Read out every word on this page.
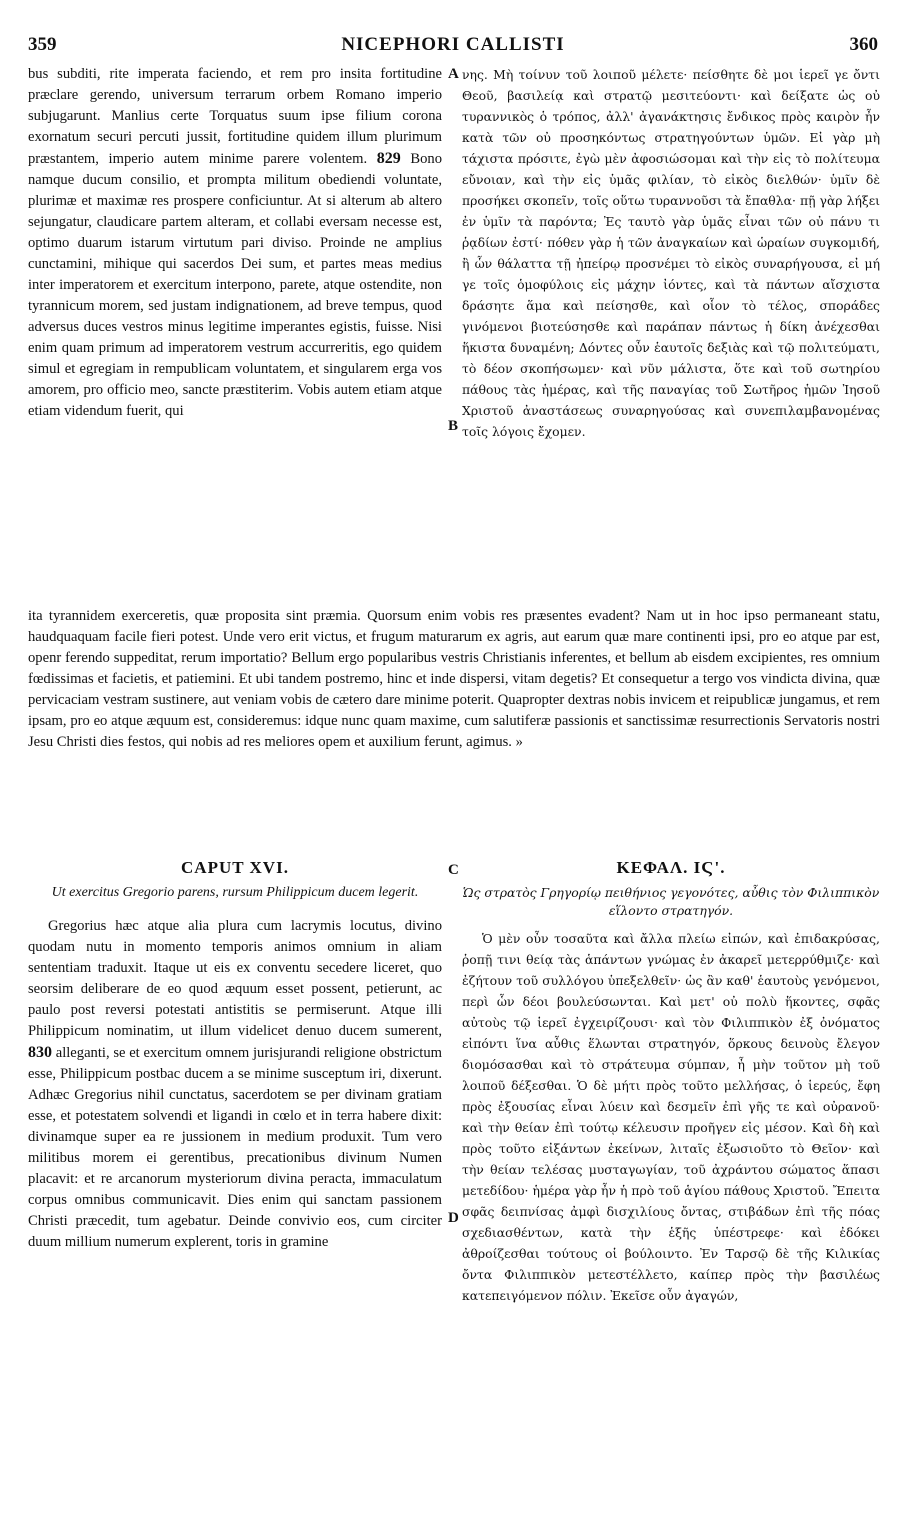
359	NICEPHORI CALLISTI	360

bus subditi, rite imperata faciendo, et rem pro insita fortitudine præclare gerendo, universum terrarum orbem Romano imperio subjugarunt. Manlius certe Torquatus suum ipse filium corona exornatum securi percuti jussit, fortitudine quidem illum plurimum præstantem, imperio autem minime parere volentem. 829 Bono namque ducum consilio, et prompta militum obediendi voluntate, plurimæ et maximæ res prospere conficiuntur. At si alterum ab altero sejungatur, claudicare partem alteram, et collabi eversam necesse est, optimo duarum istarum virtutum pari diviso. Proinde ne amplius cunctamini, mihique qui sacerdos Dei sum, et partes meas medius inter imperatorem et exercitum interpono, parete, atque ostendite, non tyrannicum morem, sed justam indignationem, ad breve tempus, quod adversus duces vestros minus legitime imperantes egistis, fuisse. Nisi enim quam primum ad imperatorem vestrum accurreritis, ego quidem simul et egregiam in rempublicam voluntatem, et singularem erga vos amorem, pro officio meo, sancte præstiterim. Vobis autem etiam atque etiam videndum fuerit, qui

A
B

νης. Μὴ τοίνυν τοῦ λοιποῦ μέλετε· πείσθητε δὲ μοι ἱερεῖ γε ὄντι Θεοῦ, βασιλείᾳ καὶ στρατῷ μεσιτεύοντι· καὶ δείξατε ὡς οὐ τυραννικὸς ὁ τρόπος, ἀλλ' ἀγανάκτησις ἔνδικος πρὸς καιρὸν ἦν κατὰ τῶν οὐ προσηκόντως στρατηγούντων ὑμῶν. Εἰ γὰρ μὴ τάχιστα πρόσιτε, ἐγὼ μὲν ἀφοσιώσομαι καὶ τὴν εἰς τὸ πολίτευμα εὔνοιαν, καὶ τὴν εἰς ὑμᾶς φιλίαν, τὸ εἰκὸς διελθών· ὑμῖν δὲ προσήκει σκοπεῖν, τοῖς οὕτω τυραννοῦσι τὰ ἔπαθλα· πῇ γὰρ λήξει ἐν ὑμῖν τὰ παρόντα; Ἐς ταυτὸ γὰρ ὑμᾶς εἶναι τῶν οὐ πάνυ τι ῥᾳδίων ἐστί· πόθεν γὰρ ἡ τῶν ἀναγκαίων καὶ ὡραίων συγκομιδή, ἢ ὧν θάλαττα τῇ ἠπείρῳ προσνέμει τὸ εἰκὸς συναρήγουσα, εἰ μή γε τοῖς ὁμοφύλοις εἰς μάχην ἰόντες, καὶ τὰ πάντων αἴσχιστα δράσητε ἅμα καὶ πείσησθε, καὶ οἷον τὸ τέλος, σποράδες γινόμενοι βιοτεύσησθε καὶ παράπαν πάντως ἡ δίκη ἀνέχεσθαι ἥκιστα δυναμένη; Δόντες οὖν ἑαυτοῖς δεξιὰς καὶ τῷ πολιτεύματι, τὸ δέον σκοπήσωμεν· καὶ νῦν μάλιστα, ὅτε καὶ τοῦ σωτηρίου πάθους τὰς ἡμέρας, καὶ τῆς παναγίας τοῦ Σωτῆρος ἡμῶν Ἰησοῦ Χριστοῦ ἀναστάσεως συναρηγούσας καὶ συνεπιλαμβανομένας τοῖς λόγοις ἔχομεν.

ita tyrannidem exerceretis, quæ proposita sint præmia. Quorsum enim vobis res præsentes evadent? Nam ut in hoc ipso permaneant statu, haudquaquam facile fieri potest. Unde vero erit victus, et frugum maturarum ex agris, aut earum quæ mare continenti ipsi, pro eo atque par est, openr ferendo suppeditat, rerum importatio? Bellum ergo popularibus vestris Christianis inferentes, et bellum ab eisdem excipientes, res omnium fœdissimas et facietis, et patiemini. Et ubi tandem postremo, hinc et inde dispersi, vitam degetis? Et consequetur a tergo vos vindicta divina, quæ pervicaciam vestram sustinere, aut veniam vobis de cætero dare minime poterit. Quapropter dextras nobis invicem et reipublicæ jungamus, et rem ipsam, pro eo atque æquum est, consideremus: idque nunc quam maxime, cum salutiferæ passionis et sanctissimæ resurrectionis Servatoris nostri Jesu Christi dies festos, qui nobis ad res meliores opem et auxilium ferunt, agimus. »

C
D

CAPUT XVI.

Ut exercitus Gregorio parens, rursum Philippicum ducem legerit.

Gregorius hæc atque alia plura cum lacrymis locutus, divino quodam nutu in momento temporis animos omnium in aliam sententiam traduxit. Itaque ut eis ex conventu secedere liceret, quo seorsim deliberare de eo quod æquum esset possent, petierunt, ac paulo post reversi potestati antistitis se permiserunt. Atque illi Philippicum nominatim, ut illum videlicet denuo ducem sumerent, 830 alleganti, se et exercitum omnem jurisjurandi religione obstrictum esse, Philippicum postbac ducem a se minime susceptum iri, dixerunt. Adhæc Gregorius nihil cunctatus, sacerdotem se per divinam gratiam esse, et potestatem solvendi et ligandi in cœlo et in terra habere dixit: divinamque super ea re jussionem in medium produxit. Tum vero militibus morem ei gerentibus, precationibus divinum Numen placavit: et re arcanorum mysteriorum divina peracta, immaculatum corpus omnibus communicavit. Dies enim qui sanctam passionem Christi præcedit, tum agebatur. Deinde convivio eos, cum circiter duum millium numerum explerent, toris in gramine

ΚΕΦΑΛ. ΙϚ'.

Ὡς στρατὸς Γρηγορίῳ πειθήνιος γεγονότες, αὖθις τὸν Φιλιππικὸν εἵλοντο στρατηγόν.

Ὁ μὲν οὖν τοσαῦτα καὶ ἄλλα πλείω εἰπών, καὶ ἐπιδακρύσας, ῥοπῇ τινι θείᾳ τὰς ἁπάντων γνώμας ἐν ἀκαρεῖ μετερρύθμιζε· καὶ ἐζήτουν τοῦ συλλόγου ὑπεξελθεῖν· ὡς ἂν καθ' ἑαυτοὺς γενόμενοι, περὶ ὧν δέοι βουλεύσωνται. Καὶ μετ' οὐ πολὺ ἥκοντες, σφᾶς αὐτοὺς τῷ ἱερεῖ ἐγχειρίζουσι· καὶ τὸν Φιλιππικὸν ἐξ ὀνόματος εἰπόντι ἵνα αὖθις ἕλωνται στρατηγόν, ὅρκους δεινοὺς ἔλεγον διομόσασθαι καὶ τὸ στράτευμα σύμπαν, ἦ μὴν τοῦτον μὴ τοῦ λοιποῦ δέξεσθαι. Ὁ δὲ μήτι πρὸς τοῦτο μελλήσας, ὁ ἱερεύς, ἔφη πρὸς ἐξουσίας εἶναι λύειν καὶ δεσμεῖν ἐπὶ γῆς τε καὶ οὐρανοῦ· καὶ τὴν θείαν ἐπὶ τούτῳ κέλευσιν προῆγεν εἰς μέσον. Καὶ δὴ καὶ πρὸς τοῦτο εἰξάντων ἐκείνων, λιταῖς ἐξωσιοῦτο τὸ Θεῖον· καὶ τὴν θείαν τελέσας μυσταγωγίαν, τοῦ ἀχράντου σώματος ἅπασι μετεδίδου· ἡμέρα γὰρ ἦν ἡ πρὸ τοῦ ἁγίου πάθους Χριστοῦ. Ἔπειτα σφᾶς δειπνίσας ἀμφὶ δισχιλίους ὄντας, στιβάδων ἐπὶ τῆς πόας σχεδιασθέντων, κατὰ τὴν ἑξῆς ὑπέστρεφε· καὶ ἐδόκει ἀθροίζεσθαι τούτους οἱ βούλοιντο. Ἐν Ταρσῷ δὲ τῆς Κιλικίας ὄντα Φιλιππικὸν μετεστέλλετο, καίπερ πρὸς τὴν βασιλέως κατεπειγόμενον πόλιν. Ἐκεῖσε οὖν ἀγαγών,
